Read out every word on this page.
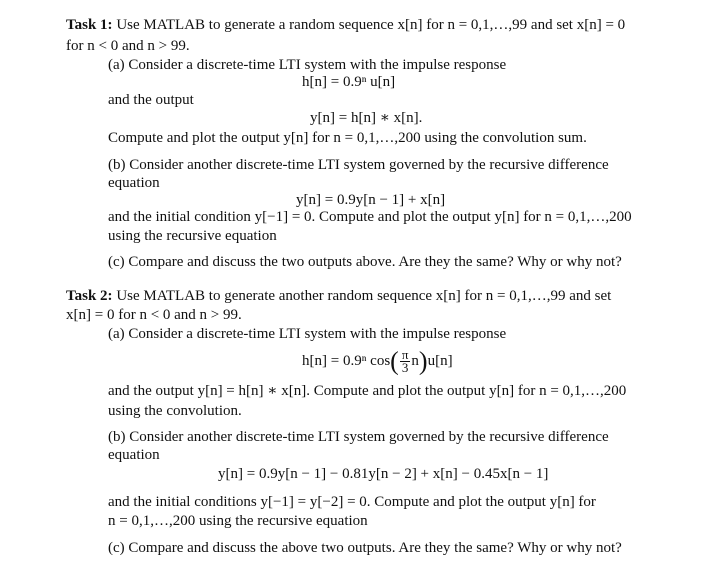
Task 1: Use MATLAB to generate a random sequence x[n] for n = 0,1,…,99 and set x[n] = 0
for n < 0 and n > 99.
(a) Consider a discrete-time LTI system with the impulse response
h[n] = 0.9ⁿ u[n]
and the output
y[n] = h[n] ∗ x[n].
Compute and plot the output y[n] for n = 0,1,…,200 using the convolution sum.
(b) Consider another discrete-time LTI system governed by the recursive difference
equation
y[n] = 0.9y[n − 1] + x[n]
and the initial condition y[−1] = 0. Compute and plot the output y[n] for n = 0,1,…,200
using the recursive equation
(c) Compare and discuss the two outputs above. Are they the same? Why or why not?
Task 2: Use MATLAB to generate another random sequence x[n] for n = 0,1,…,99 and set
x[n] = 0 for n < 0 and n > 99.
(a) Consider a discrete-time LTI system with the impulse response
h[n] = 0.9ⁿ $\cos( \frac{\pi}{3} n)u[n]$
and the output y[n] = h[n] ∗ x[n]. Compute and plot the output y[n] for n = 0,1,…,200
using the convolution.
(b) Consider another discrete-time LTI system governed by the recursive difference
equation
y[n] = 0.9y[n − 1] − 0.81y[n − 2] + x[n] − 0.45x[n − 1]
and the initial conditions y[−1] = y[−2] = 0. Compute and plot the output y[n] for
n = 0,1,…,200 using the recursive equation
(c) Compare and discuss the above two outputs. Are they the same? Why or why not?
